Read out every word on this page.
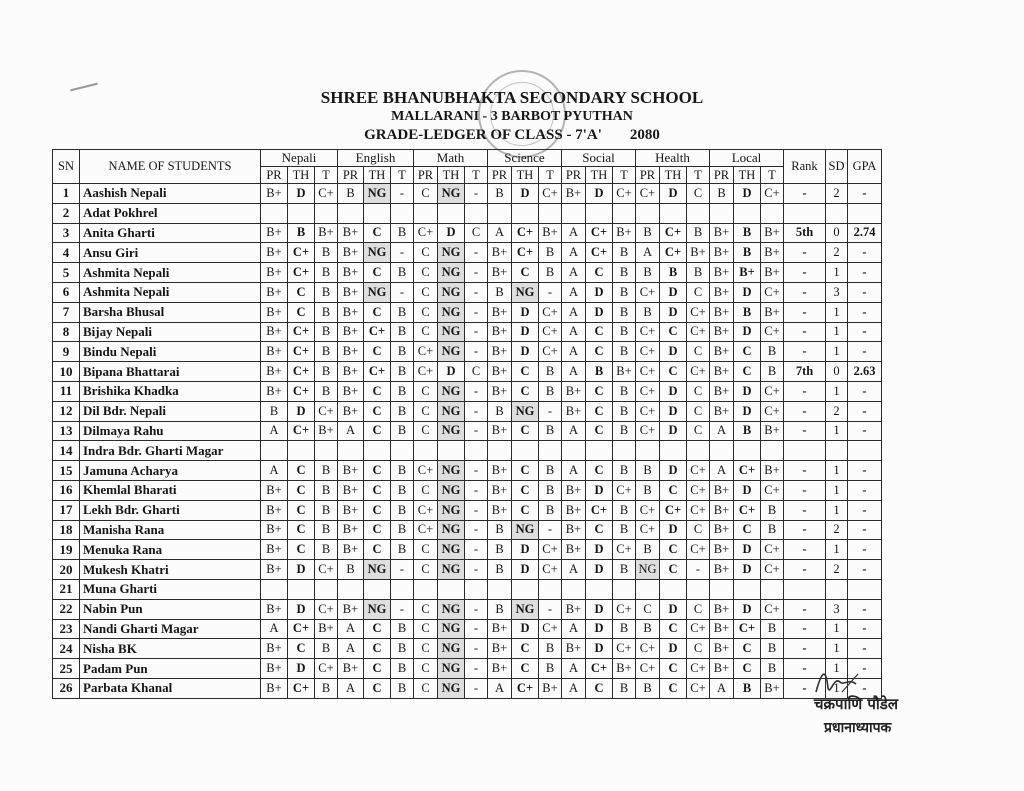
SHREE BHANUBHAKTA SECONDARY SCHOOL
MALLARANI - 3 BARBOT PYUTHAN
GRADE-LEDGER OF CLASS - 7'A' 2080
SN	NAME OF STUDENTS	Nepali			English			Math			Science			Social			Health			Local			Rank	SD	GPA
		PR	TH	T	PR	TH	T	PR	TH	T	PR	TH	T	PR	TH	T	PR	TH	T	PR	TH	T			
1	Aashish Nepali	B+	D	C+	B	NG	-	C	NG	-	B	D	C+	B+	D	C+	C+	D	C	B	D	C+	-	2	-
2	Adat Pokhrel																								
3	Anita Gharti	B+	B	B+	B+	C	B	C+	D	C	A	C+	B+	A	C+	B+	B	C+	B	B+	B	B+	5th	0	2.74
4	Ansu Giri	B+	C+	B	B+	NG	-	C	NG	-	B+	C+	B	A	C+	B	A	C+	B+	B+	B	B+	-	2	-
5	Ashmita Nepali	B+	C+	B	B+	C	B	C	NG	-	B+	C	B	A	C	B	B	B	B	B+	B+	B+	-	1	-
6	Ashmita Nepali	B+	C	B	B+	NG	-	C	NG	-	B	NG	-	A	D	B	C+	D	C	B+	D	C+	-	3	-
7	Barsha Bhusal	B+	C	B	B+	C	B	C	NG	-	B+	D	C+	A	D	B	B	D	C+	B+	B	B+	-	1	-
8	Bijay Nepali	B+	C+	B	B+	C+	B	C	NG	-	B+	D	C+	A	C	B	C+	C	C+	B+	D	C+	-	1	-
9	Bindu Nepali	B+	C+	B	B+	C	B	C+	NG	-	B+	D	C+	A	C	B	C+	D	C	B+	C	B	-	1	-
10	Bipana Bhattarai	B+	C+	B	B+	C+	B	C+	D	C	B+	C	B	A	B	B+	C+	C	C+	B+	C	B	7th	0	2.63
11	Brishika Khadka	B+	C+	B	B+	C	B	C	NG	-	B+	C	B	B+	C	B	C+	D	C	B+	D	C+	-	1	-
12	Dil Bdr. Nepali	B	D	C+	B+	C	B	C	NG	-	B	NG	-	B+	C	B	C+	D	C	B+	D	C+	-	2	-
13	Dilmaya Rahu	A	C+	B+	A	C	B	C	NG	-	B+	C	B	A	C	B	C+	D	C	A	B	B+	-	1	-
14	Indra Bdr. Gharti Magar																								
15	Jamuna Acharya	A	C	B	B+	C	B	C+	NG	-	B+	C	B	A	C	B	B	D	C+	A	C+	B+	-	1	-
16	Khemlal Bharati	B+	C	B	B+	C	B	C	NG	-	B+	C	B	B+	D	C+	B	C	C+	B+	D	C+	-	1	-
17	Lekh Bdr. Gharti	B+	C	B	B+	C	B	C+	NG	-	B+	C	B	B+	C+	B	C+	C+	C+	B+	C+	B	-	1	-
18	Manisha Rana	B+	C	B	B+	C	B	C+	NG	-	B	NG	-	B+	C	B	C+	D	C	B+	C	B	-	2	-
19	Menuka Rana	B+	C	B	B+	C	B	C	NG	-	B	D	C+	B+	D	C+	B	C	C+	B+	D	C+	-	1	-
20	Mukesh Khatri	B+	D	C+	B	NG	-	C	NG	-	B	D	C+	A	D	B	NG	C	-	B+	D	C+	-	2	-
21	Muna Gharti																								
22	Nabin Pun	B+	D	C+	B+	NG	-	C	NG	-	B	NG	-	B+	D	C+	C	D	C	B+	D	C+	-	3	-
23	Nandi Gharti Magar	A	C+	B+	A	C	B	C	NG	-	B+	D	C+	A	D	B	B	C	C+	B+	C+	B	-	1	-
24	Nisha BK	B+	C	B	A	C	B	C	NG	-	B+	C	B	B+	D	C+	C+	D	C	B+	C	B	-	1	-
25	Padam Pun	B+	D	C+	B+	C	B	C	NG	-	B+	C	B	A	C+	B+	C+	C	C+	B+	C	B	-	1	-
26	Parbata Khanal	B+	C+	B	A	C	B	C	NG	-	A	C+	B+	A	C	B	B	C	C+	A	B	B+	-	1	-
चक्रपाणि पौडेल
प्रधानाध्यापक
